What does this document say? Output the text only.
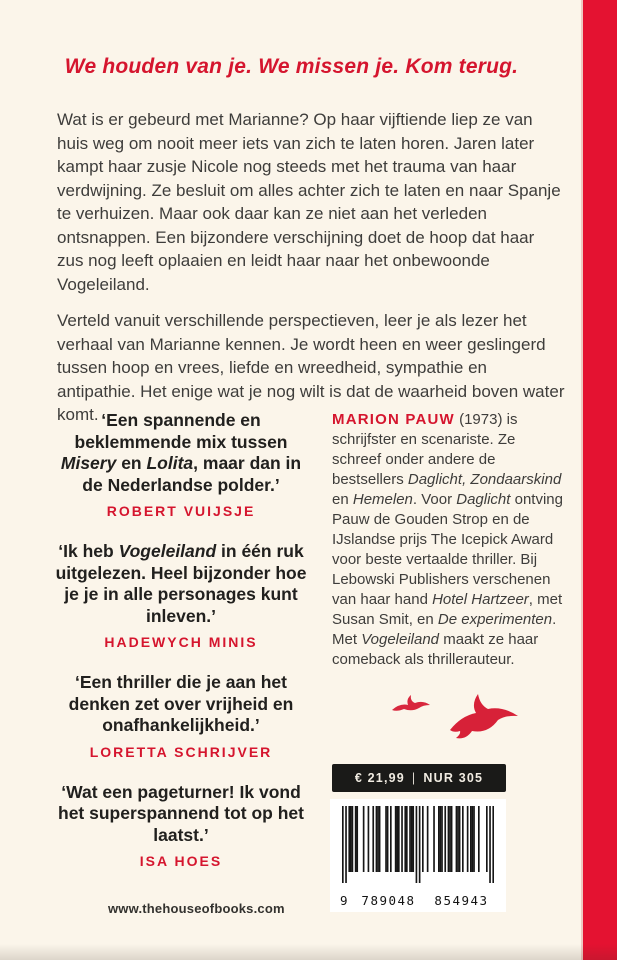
We houden van je. We missen je. Kom terug.

Wat is er gebeurd met Marianne? Op haar vijftiende liep ze van huis weg om nooit meer iets van zich te laten horen. Jaren later kampt haar zusje Nicole nog steeds met het trauma van haar verdwijning. Ze besluit om alles achter zich te laten en naar Spanje te verhuizen. Maar ook daar kan ze niet aan het verleden ontsnappen. Een bijzondere verschijning doet de hoop dat haar zus nog leeft oplaaien en leidt haar naar het onbewoonde Vogeleiland.

Verteld vanuit verschillende perspectieven, leer je als lezer het verhaal van Marianne kennen. Je wordt heen en weer geslingerd tussen hoop en vrees, liefde en wreedheid, sympathie en antipathie. Het enige wat je nog wilt is dat de waarheid boven water komt. ‘Een spannende en beklemmende mix tussen Misery en Lolita, maar dan in de Nederlandse polder.’
ROBERT VUIJSJE
‘Ik heb Vogeleiland in één ruk uitgelezen. Heel bijzonder hoe je je in alle personages kunt inleven.’
HADEWYCH MINIS
‘Een thriller die je aan het denken zet over vrijheid en onafhankelijkheid.’
LORETTA SCHRIJVER
‘Wat een pageturner! Ik vond het superspannend tot op het laatst.’
ISA HOES
MARION PAUW (1973) is schrijfster en scenariste. Ze schreef onder andere de bestsellers Daglicht, Zondaarskind en Hemelen. Voor Daglicht ontving Pauw de Gouden Strop en de IJslandse prijs The Icepick Award voor beste vertaalde thriller. Bij Lebowski Publishers verschenen van haar hand Hotel Hartzeer, met Susan Smit, en De experimenten. Met Vogeleiland maakt ze haar comeback als thrillerauteur.
€ 21,99 | NUR 305
9	789048	854943
www.thehouseofbooks.com
